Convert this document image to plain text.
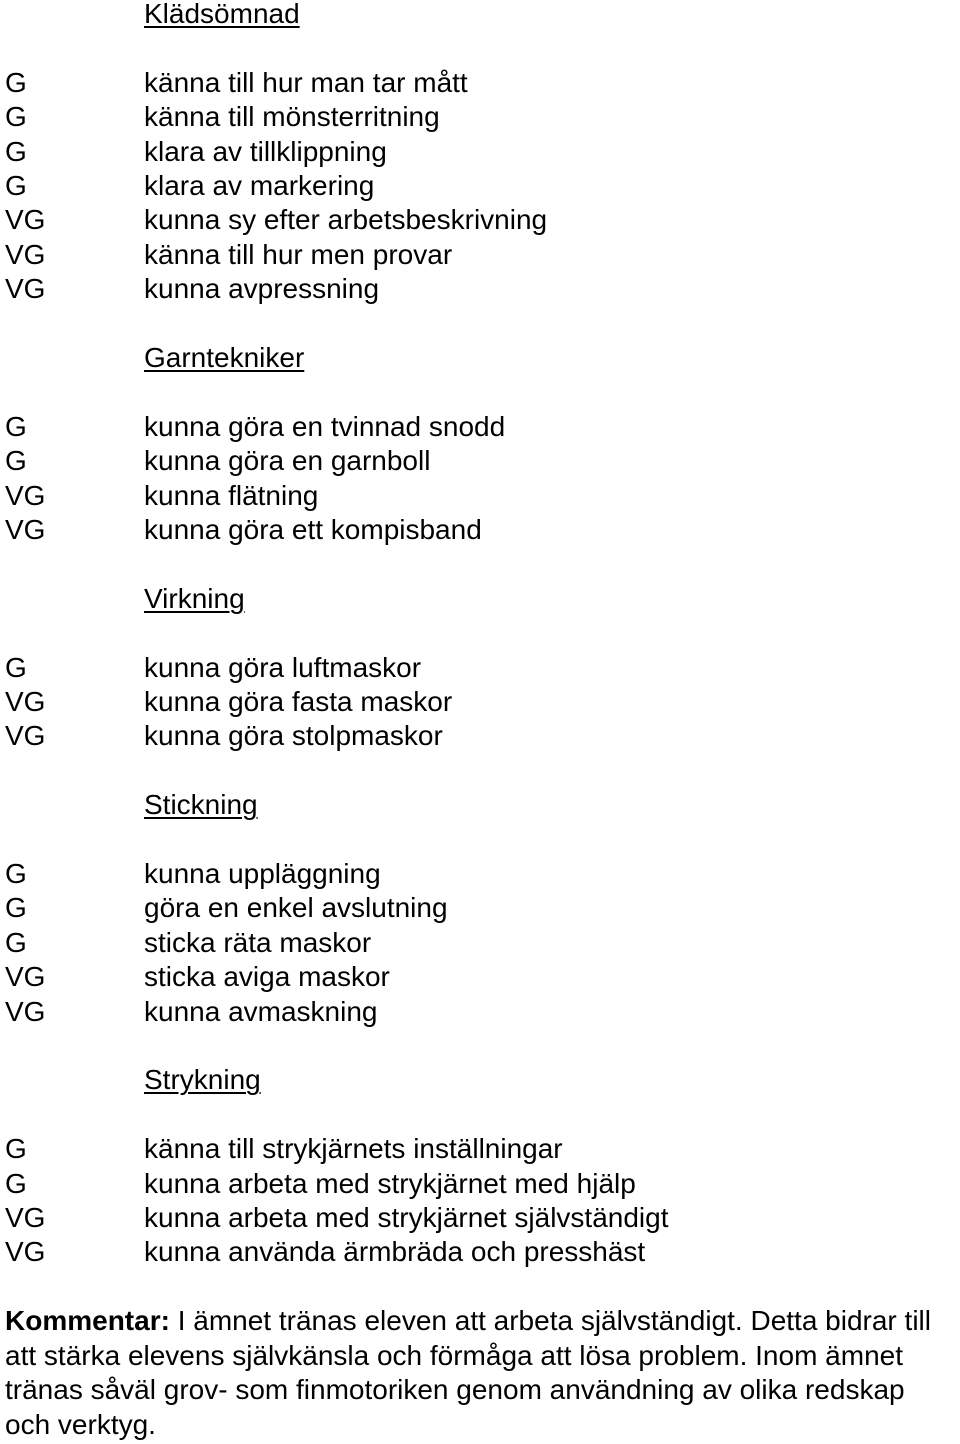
Klädsömnad
G	känna till hur man tar mått
G	känna till mönsterritning
G	klara av tillklippning
G	klara av markering
VG	kunna sy efter arbetsbeskrivning
VG	känna till hur men provar
VG	kunna avpressning
Garntekniker
G	kunna göra en tvinnad snodd
G	kunna göra en garnboll
VG	kunna flätning
VG	kunna göra ett kompisband
Virkning
G	kunna göra luftmaskor
VG	kunna göra fasta maskor
VG	kunna göra stolpmaskor
Stickning
G	kunna uppläggning
G	göra en enkel avslutning
G	sticka räta maskor
VG	sticka aviga maskor
VG	kunna avmaskning
Strykning
G	känna till strykjärnets inställningar
G	kunna arbeta med strykjärnet med hjälp
VG	kunna arbeta med strykjärnet självständigt
VG	kunna använda ärmbräda och presshäst

Kommentar: I ämnet tränas eleven att arbeta självständigt. Detta bidrar till att stärka elevens självkänsla och förmåga att lösa problem. Inom ämnet tränas såväl grov- som finmotoriken genom användning av olika redskap och verktyg.
